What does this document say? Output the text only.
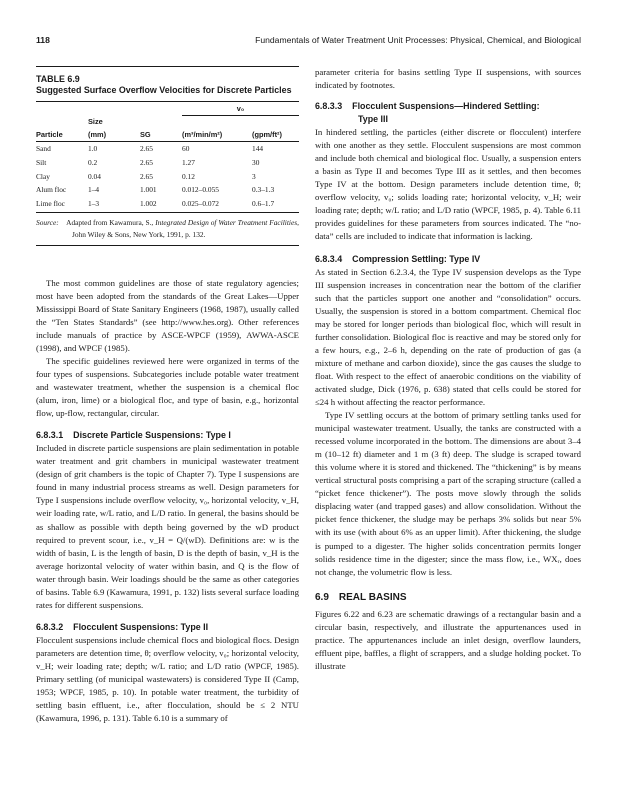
118	Fundamentals of Water Treatment Unit Processes: Physical, Chemical, and Biological
TABLE 6.9
Suggested Surface Overflow Velocities for Discrete Particles
			v₀	
	Size			
Particle	(mm)	SG	(m³/min/m²)	(gpm/ft²)

Sand	1.0	2.65	60	144
Silt	0.2	2.65	1.27	30
Clay	0.04	2.65	0.12	3
Alum floc	1–4	1.001	0.012–0.055	0.3–1.3
Lime floc	1–3	1.002	0.025–0.072	0.6–1.7
Source:  Adapted from Kawamura, S., Integrated Design of Water Treatment Facilities, John Wiley & Sons, New York, 1991, p. 132.

The most common guidelines are those of state regulatory agencies; most have been adopted from the standards of the Great Lakes—Upper Mississippi Board of State Sanitary Engineers (1968, 1987), usually called the “Ten States Standards” (see http://www.hes.org). Other references include manuals of practice by ASCE-WPCF (1959), AWWA-ASCE (1998), and WPCF (1985).

The specific guidelines reviewed here were organized in terms of the four types of suspensions. Subcategories include potable water treatment and wastewater treatment, whether the suspension is a chemical floc (alum, iron, lime) or a biological floc, and type of basin, e.g., horizontal flow, up-flow, rectangular, circular.

6.8.3.1 Discrete Particle Suspensions: Type I

Included in discrete particle suspensions are plain sedimentation in potable water treatment and grit chambers in municipal wastewater treatment (design of grit chambers is the topic of Chapter 7). Type I suspensions are found in many industrial process streams as well. Design parameters for Type I suspensions include overflow velocity, v₀, horizontal velocity, v_H, weir loading rate, w/L ratio, and L/D ratio. In general, the basins should be as shallow as possible with depth being governed by the wD product required to prevent scour, i.e., v_H = Q/(wD). Definitions are: w is the width of basin, L is the length of basin, D is the depth of basin, v_H is the average horizontal velocity of water within basin, and Q is the flow of water through basin. Weir loadings should be the same as other categories of basins. Table 6.9 (Kawamura, 1991, p. 132) lists several surface loading rates for different suspensions.

6.8.3.2 Flocculent Suspensions: Type II

Flocculent suspensions include chemical flocs and biological flocs. Design parameters are detention time, θ; overflow velocity, v₀; horizontal velocity, v_H; weir loading rate; depth; w/L ratio; and L/D ratio (WPCF, 1985). Primary settling (of municipal wastewaters) is considered Type II (Camp, 1953; WPCF, 1985, p. 10). In potable water treatment, the turbidity of settling basin effluent, i.e., after flocculation, should be ≤ 2 NTU (Kawamura, 1996, p. 131). Table 6.10 is a summary of

parameter criteria for basins settling Type II suspensions, with sources indicated by footnotes.

6.8.3.3 Flocculent Suspensions—Hindered Settling:
Type III

In hindered settling, the particles (either discrete or flocculent) interfere with one another as they settle. Flocculent suspensions are most common and include both chemical and biological floc. Usually, a suspension enters a basin as Type II and becomes Type III as it settles, and then becomes Type IV at the bottom. Design parameters include detention time, θ; overflow velocity, v₀; solids loading rate; horizontal velocity, v_H; weir loading rate; depth; w/L ratio; and L/D ratio (WPCF, 1985, p. 4). Table 6.11 provides guidelines for these parameters from sources indicated. The “no-data” cells are included to indicate that information is lacking.

6.8.3.4 Compression Settling: Type IV

As stated in Section 6.2.3.4, the Type IV suspension develops as the Type III suspension increases in concentration near the bottom of the clarifier such that the particles support one another and “consolidation” occurs. Usually, the suspension is stored in a bottom compartment. Chemical floc may be stored for longer periods than biological floc, which will result in further consolidation. Biological floc is reactive and may be stored only for a few hours, e.g., 2–6 h, depending on the rate of production of gas (a mixture of methane and carbon dioxide), since the gas causes the sludge to float. With respect to the effect of anaerobic conditions on the viability of activated sludge, Dick (1976, p. 638) stated that cells could be stored for ≤24 h without affecting the reactor performance.

Type IV settling occurs at the bottom of primary settling tanks used for municipal wastewater treatment. Usually, the tanks are constructed with a recessed volume incorporated in the bottom. The dimensions are about 3–4 m (10–12 ft) diameter and 1 m (3 ft) deep. The sludge is scraped toward this volume where it is stored and thickened. The “thickening” is by means vertical structural posts comprising a part of the scraping structure (called a “picket fence thickener”). The posts move slowly through the solids displacing water (and trapped gases) and allow consolidation. Without the picket fence thickener, the sludge may be perhaps 3% solids but near 5% with its use (with about 6% as an upper limit). After thickening, the sludge is pumped to a digester. The higher solids concentration permits longer solids residence time in the digester; since the mass flow, i.e., WXᵣ, does not change, the volumetric flow is less.

6.9 REAL BASINS

Figures 6.22 and 6.23 are schematic drawings of a rectangular basin and a circular basin, respectively, and illustrate the appurtenances used in practice. The appurtenances include an inlet design, overflow launders, effluent pipe, baffles, a flight of scrappers, and a sludge holding pocket. To illustrate
